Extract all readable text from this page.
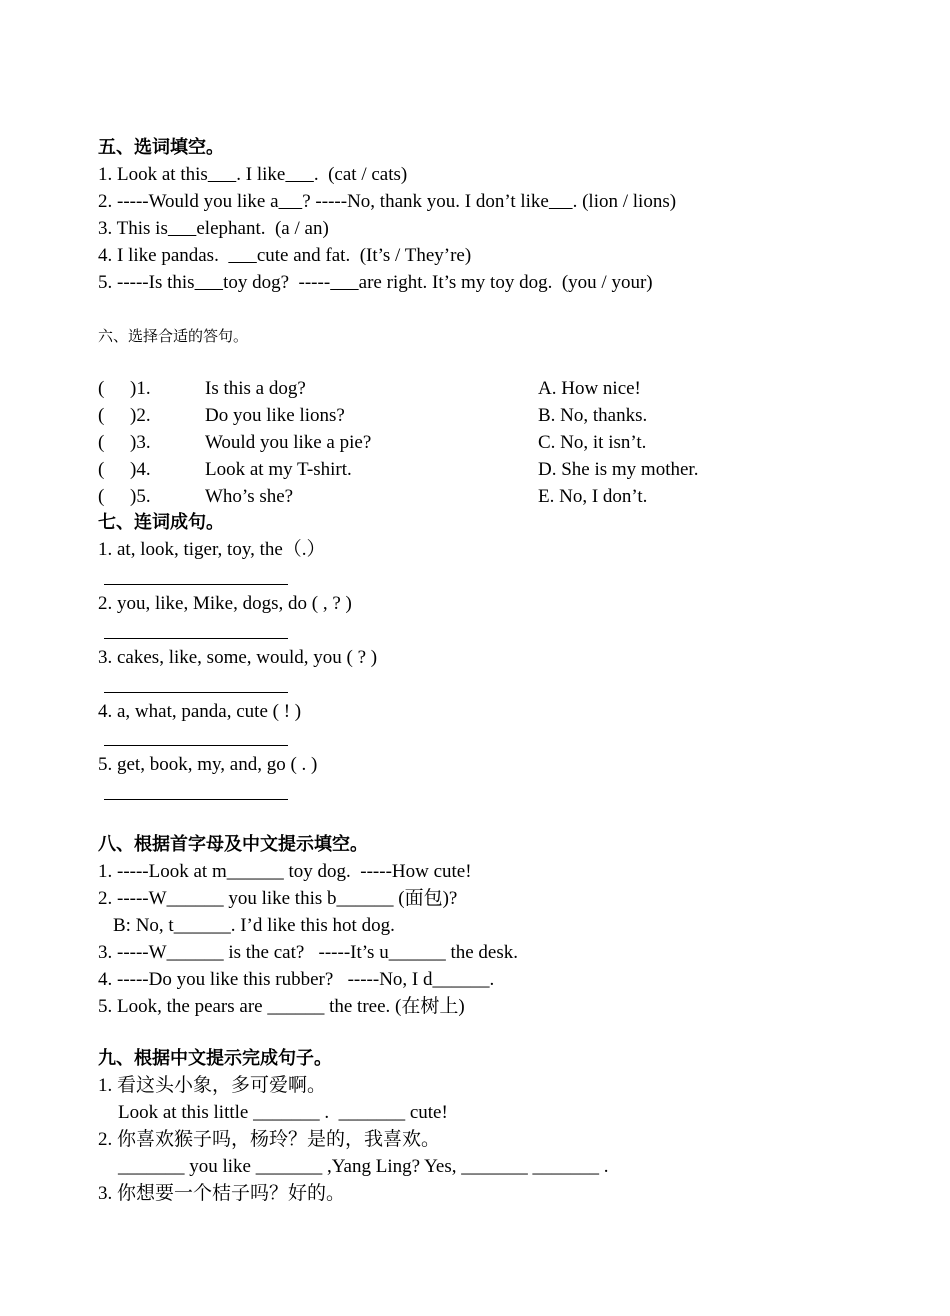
五、选词填空。
1. Look at this . I like .  (cat / cats)
2. -----Would you like a ? -----No, thank you. I don’t like . (lion / lions)
3. This is elephant.  (a / an)
4. I like pandas.        cute and fat.  (It’s / They’re)
5. -----Is this toy dog?  ----- are right. It’s my toy dog.  (you / your)
六、选择合适的答句。

( )1.	Is this a dog?	A. How nice!

( )2.	Do you like lions?	B. No, thanks.

( )3.	Would you like a pie?	C. No, it isn’t.

( )4.	Look at my T-shirt.	D. She is my mother.

( )5.	Who’s she?	E. No, I don’t.

七、连词成句。
1. at, look, tiger, toy, the（.）
2. you, like, Mike, dogs, do ( , ? )
3. cakes, like, some, would, you ( ? )
4. a, what, panda, cute ( ! )
5. get, book, my, and, go ( . )
八、根据首字母及中文提示填空。
1. -----Look at m______ toy dog.  -----How cute!
2. -----W______ you like this b______ (面包)?
B: No, t______. I’d like this hot dog.
3. -----W______ is the cat?   -----It’s u______ the desk.
4. -----Do you like this rubber?   -----No, I d______.
5. Look, the pears are ______ the tree. (在树上)
九、根据中文提示完成句子。
1. 看这头小象，多可爱啊。
Look at this little _______ .  _______ cute!
2. 你喜欢猴子吗，杨玲？是的，我喜欢。
_______ you like _______ ,Yang Ling? Yes, _______ _______ .
3. 你想要一个桔子吗？好的。
